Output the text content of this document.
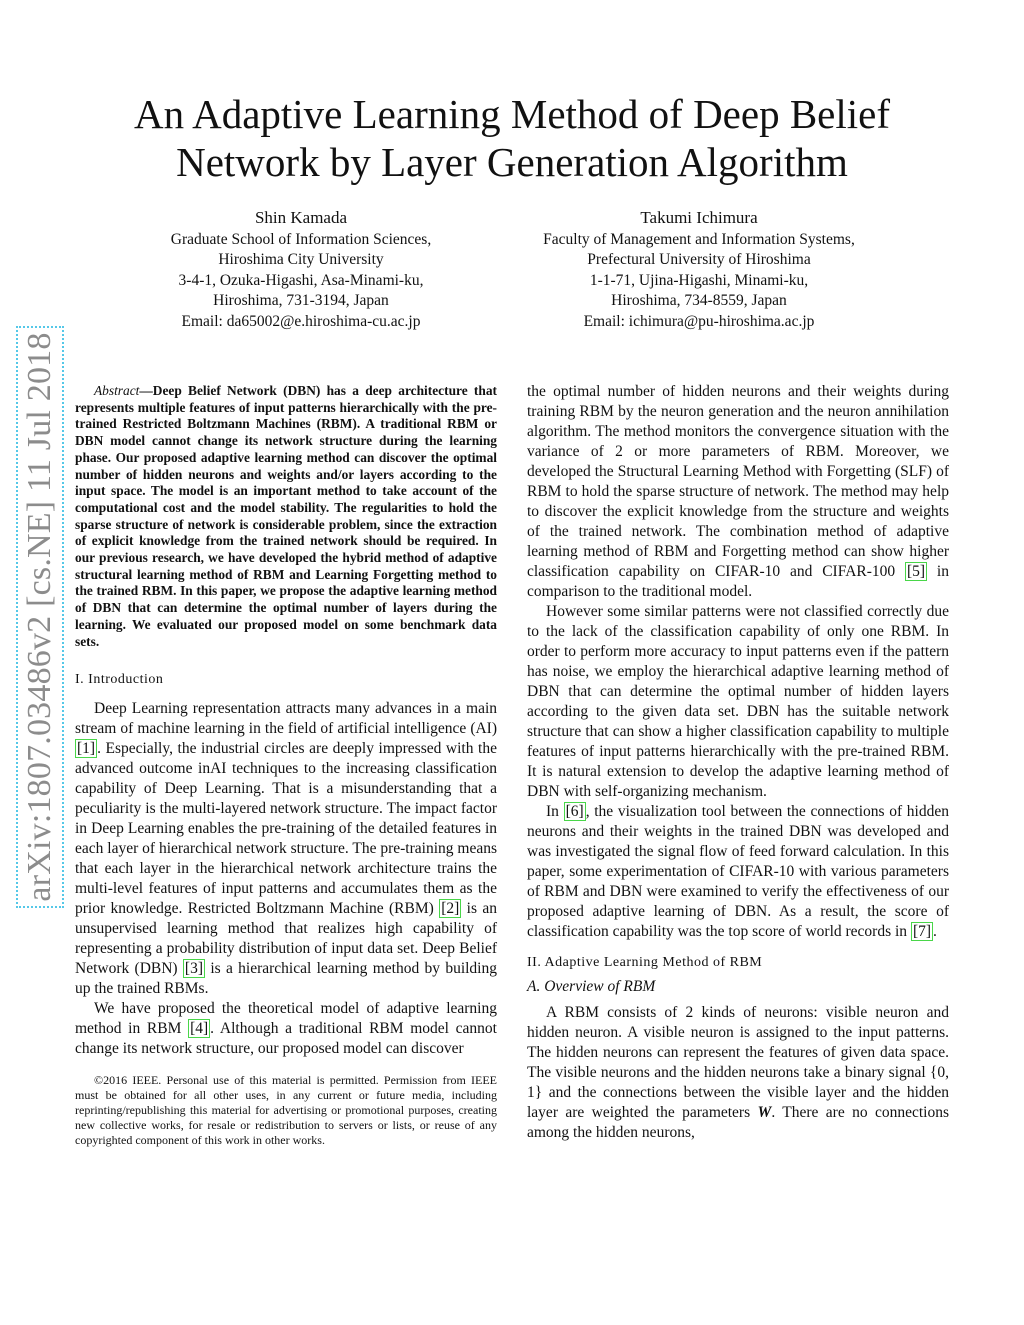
An Adaptive Learning Method of Deep Belief
Network by Layer Generation Algorithm
Shin Kamada
Graduate School of Information Sciences,
Hiroshima City University
3-4-1, Ozuka-Higashi, Asa-Minami-ku,
Hiroshima, 731-3194, Japan
Email: da65002@e.hiroshima-cu.ac.jp
Takumi Ichimura
Faculty of Management and Information Systems,
Prefectural University of Hiroshima
1-1-71, Ujina-Higashi, Minami-ku,
Hiroshima, 734-8559, Japan
Email: ichimura@pu-hiroshima.ac.jp
arXiv:1807.03486v2 [cs.NE] 11 Jul 2018	Abstract—Deep Belief Network (DBN) has a deep architecture that represents multiple features of input patterns hierarchically with the pre-trained Restricted Boltzmann Machines (RBM). A traditional RBM or DBN model cannot change its network structure during the learning phase. Our proposed adaptive learning method can discover the optimal number of hidden neurons and weights and/or layers according to the input space. The model is an important method to take account of the computational cost and the model stability. The regularities to hold the sparse structure of network is considerable problem, since the extraction of explicit knowledge from the trained network should be required. In our previous research, we have developed the hybrid method of adaptive structural learning method of RBM and Learning Forgetting method to the trained RBM. In this paper, we propose the adaptive learning method of DBN that can determine the optimal number of layers during the learning. We evaluated our proposed model on some benchmark data sets.

I. Introduction

Deep Learning representation attracts many advances in a main stream of machine learning in the field of artificial intelligence (AI) [1] . Especially, the industrial circles are deeply impressed with the advanced outcome inAI techniques to the increasing classification capability of Deep Learning. That is a misunderstanding that a peculiarity is the multi-layered network structure. The impact factor in Deep Learning enables the pre-training of the detailed features in each layer of hierarchical network structure. The pre-training means that each layer in the hierarchical network architecture trains the multi-level features of input patterns and accumulates them as the prior knowledge. Restricted Boltzmann Machine (RBM) [2] is an unsupervised learning method that realizes high capability of representing a probability distribution of input data set. Deep Belief Network (DBN) [3] is a hierarchical learning method by building up the trained RBMs.

We have proposed the theoretical model of adaptive learning method in RBM [4] . Although a traditional RBM model cannot change its network structure, our proposed model can discover

©2016 IEEE. Personal use of this material is permitted. Permission from IEEE must be obtained for all other uses, in any current or future media, including reprinting/republishing this material for advertising or promotional purposes, creating new collective works, for resale or redistribution to servers or lists, or reuse of any copyrighted component of this work in other works.

the optimal number of hidden neurons and their weights during training RBM by the neuron generation and the neuron annihilation algorithm. The method monitors the convergence situation with the variance of 2 or more parameters of RBM. Moreover, we developed the Structural Learning Method with Forgetting (SLF) of RBM to hold the sparse structure of network. The method may help to discover the explicit knowledge from the structure and weights of the trained network. The combination method of adaptive learning method of RBM and Forgetting method can show higher classification capability on CIFAR-10 and CIFAR-100 [5] in comparison to the traditional model.

However some similar patterns were not classified correctly due to the lack of the classification capability of only one RBM. In order to perform more accuracy to input patterns even if the pattern has noise, we employ the hierarchical adaptive learning method of DBN that can determine the optimal number of hidden layers according to the given data set. DBN has the suitable network structure that can show a higher classification capability to multiple features of input patterns hierarchically with the pre-trained RBM. It is natural extension to develop the adaptive learning method of DBN with self-organizing mechanism.

In [6] , the visualization tool between the connections of hidden neurons and their weights in the trained DBN was developed and was investigated the signal flow of feed forward calculation. In this paper, some experimentation of CIFAR-10 with various parameters of RBM and DBN were examined to verify the effectiveness of our proposed adaptive learning of DBN. As a result, the score of classification capability was the top score of world records in [7] .

II. Adaptive Learning Method of RBM

A. Overview of RBM

A RBM consists of 2 kinds of neurons: visible neuron and hidden neuron. A visible neuron is assigned to the input patterns. The hidden neurons can represent the features of given data space. The visible neurons and the hidden neurons take a binary signal {0, 1} and the connections between the visible layer and the hidden layer are weighted the parameters W. There are no connections among the hidden neurons,
